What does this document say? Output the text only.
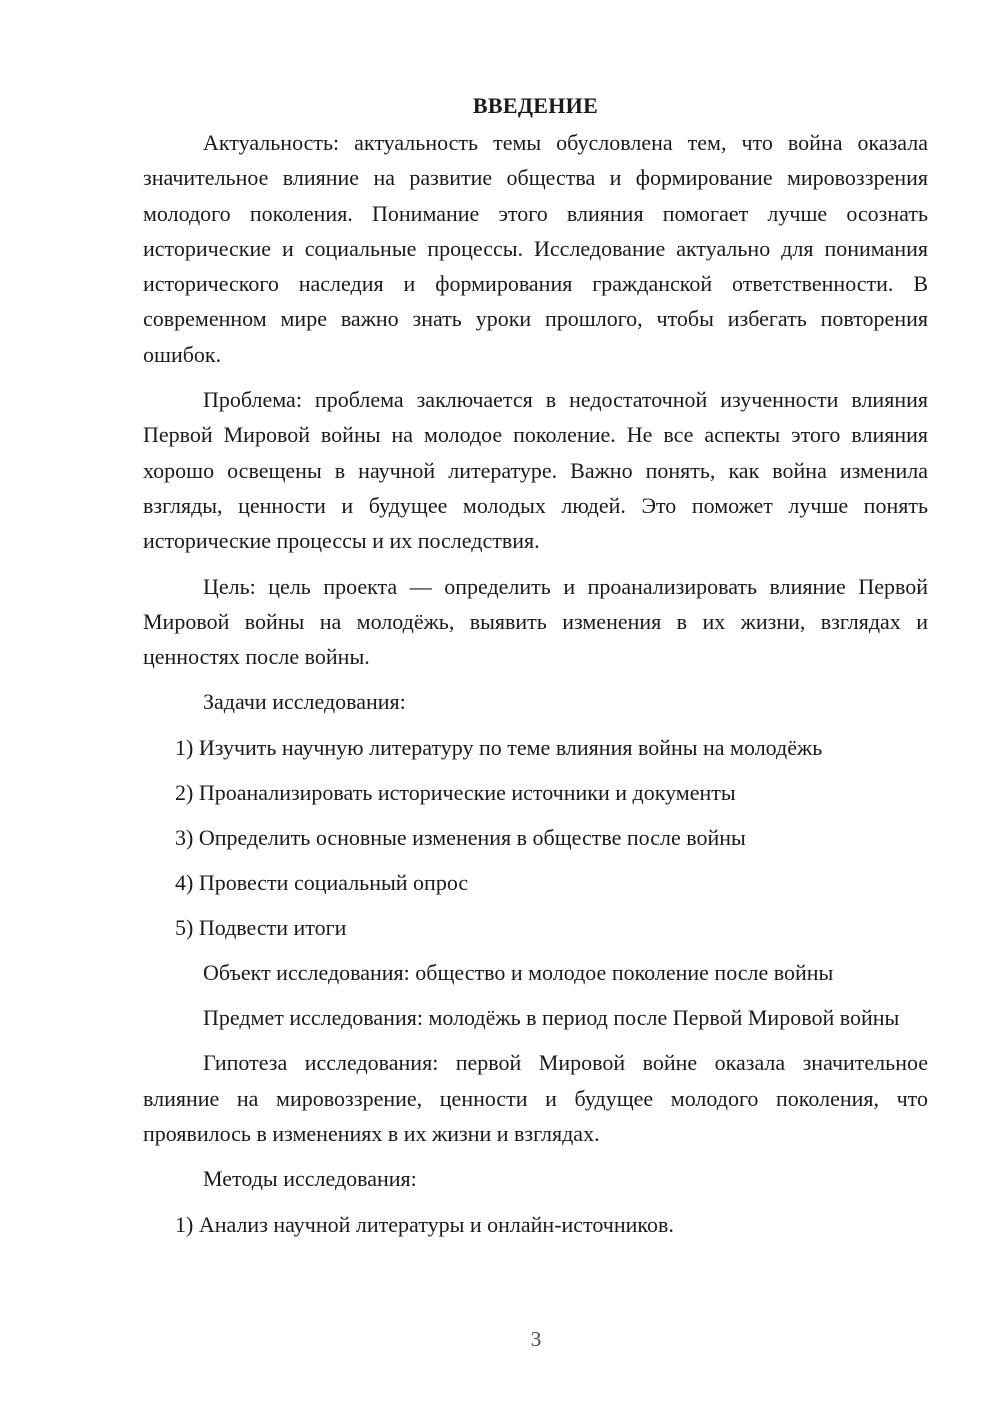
ВВЕДЕНИЕ

Актуальность: актуальность темы обусловлена тем, что война оказала значительное влияние на развитие общества и формирование мировоззрения молодого поколения. Понимание этого влияния помогает лучше осознать исторические и социальные процессы. Исследование актуально для понимания исторического наследия и формирования гражданской ответственности. В современном мире важно знать уроки прошлого, чтобы избегать повторения ошибок.

Проблема: проблема заключается в недостаточной изученности влияния Первой Мировой войны на молодое поколение. Не все аспекты этого влияния хорошо освещены в научной литературе. Важно понять, как война изменила взгляды, ценности и будущее молодых людей. Это поможет лучше понять исторические процессы и их последствия.

Цель: цель проекта — определить и проанализировать влияние Первой Мировой войны на молодёжь, выявить изменения в их жизни, взглядах и ценностях после войны.

Задачи исследования:

1) Изучить научную литературу по теме влияния войны на молодёжь
2) Проанализировать исторические источники и документы
3) Определить основные изменения в обществе после войны
4) Провести социальный опрос
5) Подвести итоги

Объект исследования: общество и молодое поколение после войны

Предмет исследования: молодёжь в период после Первой Мировой войны

Гипотеза исследования: первой Мировой войне оказала значительное влияние на мировоззрение, ценности и будущее молодого поколения, что проявилось в изменениях в их жизни и взглядах.

Методы исследования:

1) Анализ научной литературы и онлайн-источников.
3
